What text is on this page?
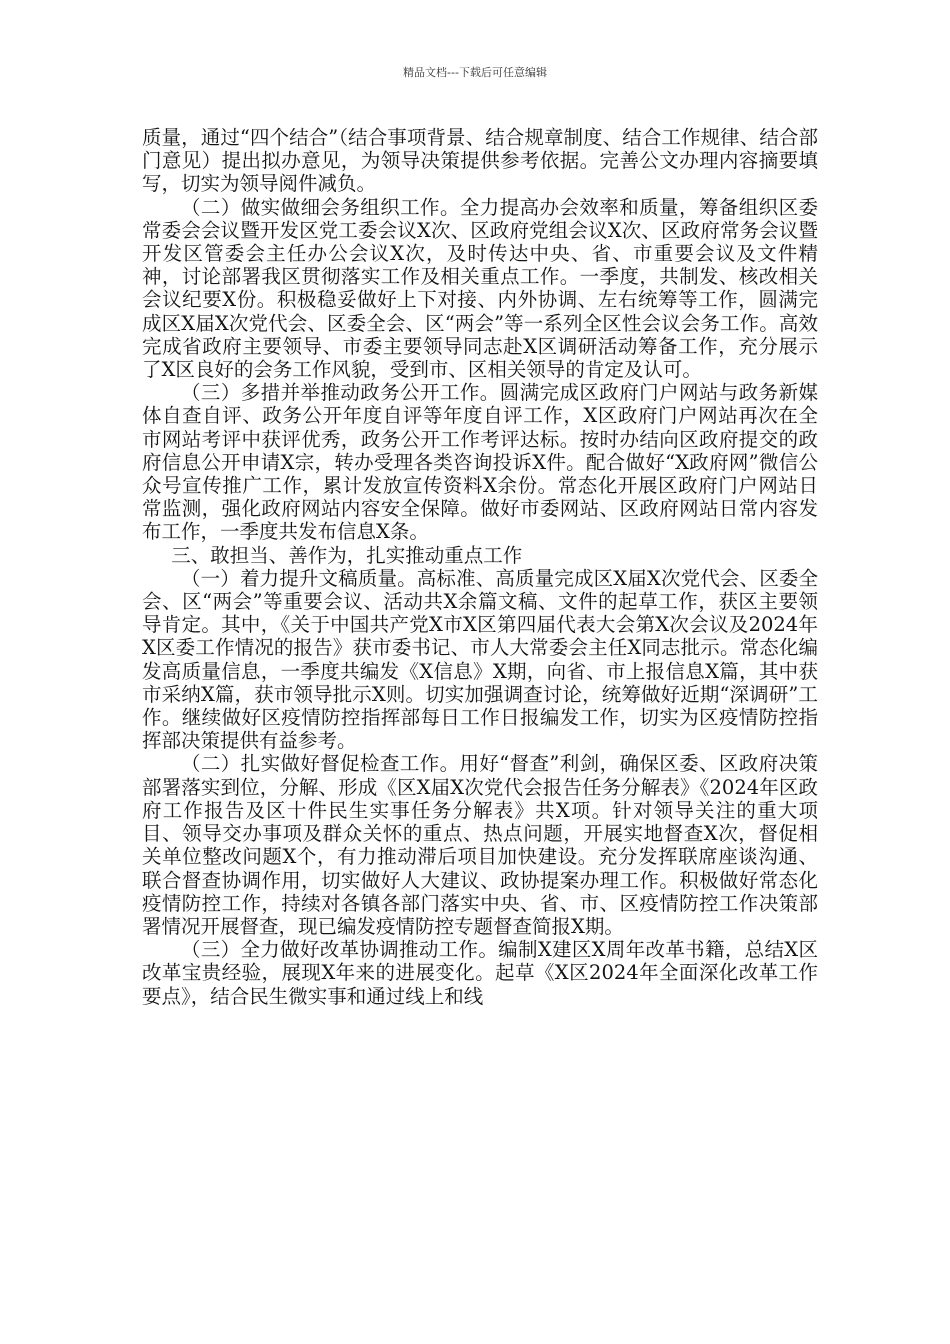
精品文档---下载后可任意编辑

质量，通过“四个结合”（结合事项背景、结合规章制度、结合工作规律、结合部门意见）提出拟办意见，为领导决策提供参考依据。完善公文办理内容摘要填写，切实为领导阅件减负。

（二）做实做细会务组织工作。全力提高办会效率和质量，筹备组织区委常委会会议暨开发区党工委会议X次、区政府党组会议X次、区政府常务会议暨开发区管委会主任办公会议X次，及时传达中央、省、市重要会议及文件精神，讨论部署我区贯彻落实工作及相关重点工作。一季度，共制发、核改相关会议纪要X份。积极稳妥做好上下对接、内外协调、左右统筹等工作，圆满完成区X届X次党代会、区委全会、区“两会”等一系列全区性会议会务工作。高效完成省政府主要领导、市委主要领导同志赴X区调研活动筹备工作，充分展示了X区良好的会务工作风貌，受到市、区相关领导的肯定及认可。

（三）多措并举推动政务公开工作。圆满完成区政府门户网站与政务新媒体自查自评、政务公开年度自评等年度自评工作，X区政府门户网站再次在全市网站考评中获评优秀，政务公开工作考评达标。按时办结向区政府提交的政府信息公开申请X宗，转办受理各类咨询投诉X件。配合做好“X政府网”微信公众号宣传推广工作，累计发放宣传资料X余份。常态化开展区政府门户网站日常监测，强化政府网站内容安全保障。做好市委网站、区政府网站日常内容发布工作，一季度共发布信息X条。

三、敢担当、善作为，扎实推动重点工作

（一）着力提升文稿质量。高标准、高质量完成区X届X次党代会、区委全会、区“两会”等重要会议、活动共X余篇文稿、文件的起草工作，获区主要领导肯定。其中，《关于中国共产党X市X区第四届代表大会第X次会议及2024年X区委工作情况的报告》获市委书记、市人大常委会主任X同志批示。常态化编发高质量信息，一季度共编发《X信息》X期，向省、市上报信息X篇，其中获市采纳X篇，获市领导批示X则。切实加强调查讨论，统筹做好近期“深调研”工作。继续做好区疫情防控指挥部每日工作日报编发工作，切实为区疫情防控指挥部决策提供有益参考。

（二）扎实做好督促检查工作。用好“督查”利剑，确保区委、区政府决策部署落实到位，分解、形成《区X届X次党代会报告任务分解表》《2024年区政府工作报告及区十件民生实事任务分解表》共X项。针对领导关注的重大项目、领导交办事项及群众关怀的重点、热点问题，开展实地督查X次，督促相关单位整改问题X个，有力推动滞后项目加快建设。充分发挥联席座谈沟通、联合督查协调作用，切实做好人大建议、政协提案办理工作。积极做好常态化疫情防控工作，持续对各镇各部门落实中央、省、市、区疫情防控工作决策部署情况开展督查，现已编发疫情防控专题督查简报X期。

（三）全力做好改革协调推动工作。编制X建区X周年改革书籍，总结X区改革宝贵经验，展现X年来的进展变化。起草《X区2024年全面深化改革工作要点》，结合民生微实事和通过线上和线
